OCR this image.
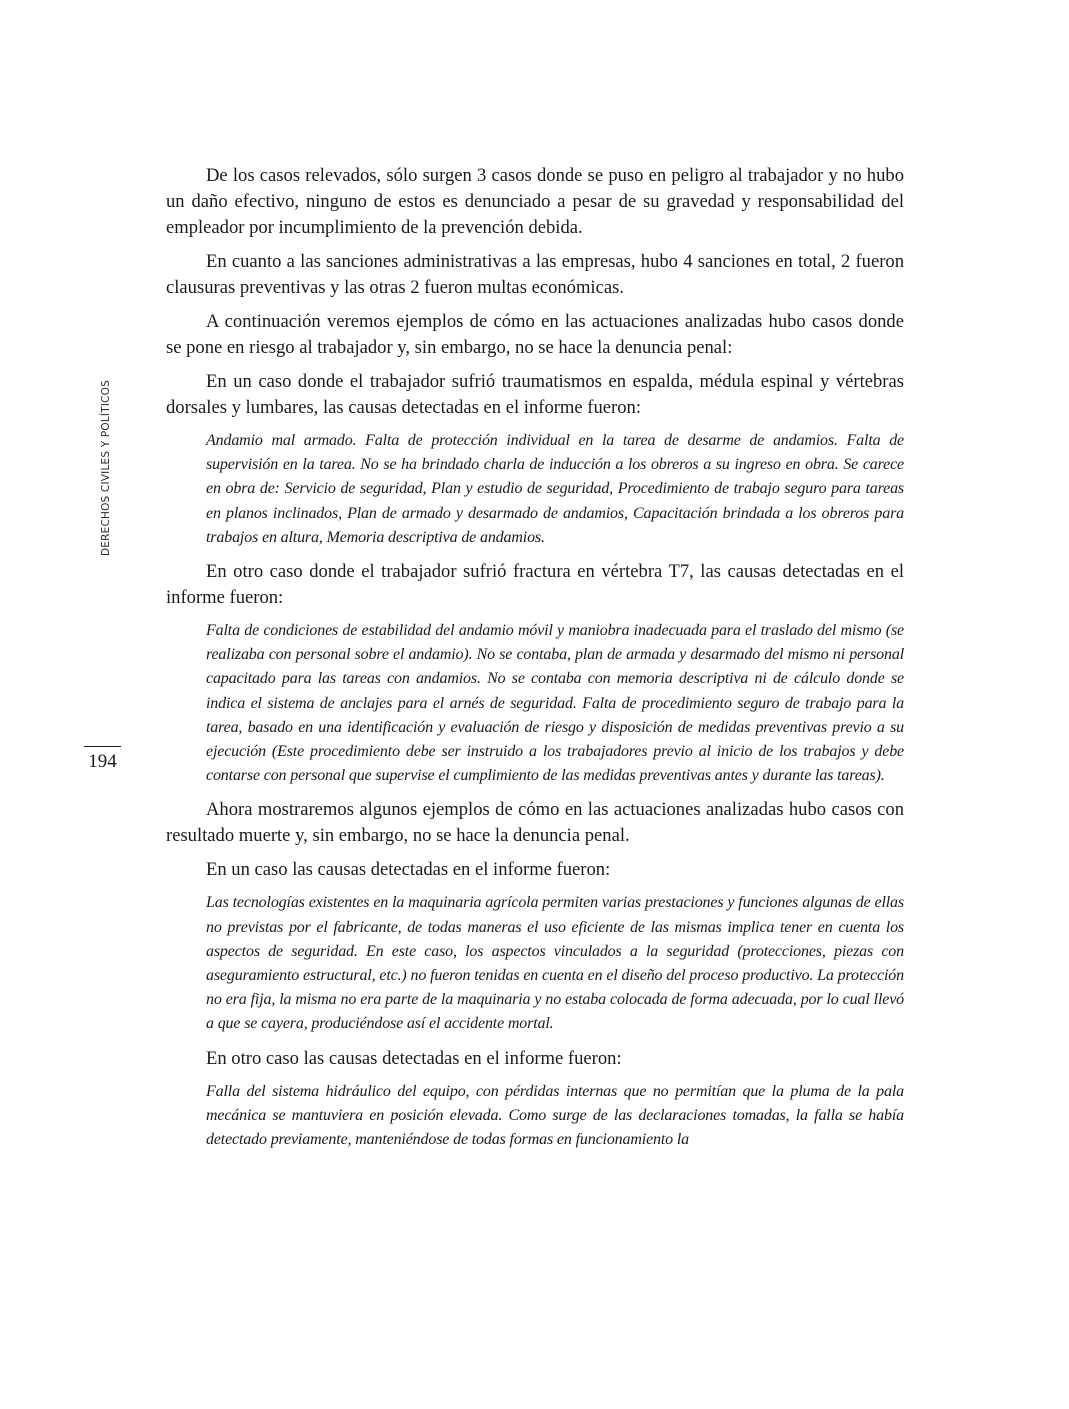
DERECHOS CIVILES Y POLÍTICOS
194

De los casos relevados, sólo surgen 3 casos donde se puso en peligro al trabajador y no hubo un daño efectivo, ninguno de estos es denunciado a pesar de su gravedad y responsabilidad del empleador por incumplimiento de la prevención debida.

En cuanto a las sanciones administrativas a las empresas, hubo 4 sanciones en total, 2 fueron clausuras preventivas y las otras 2 fueron multas económicas.

A continuación veremos ejemplos de cómo en las actuaciones analizadas hubo casos donde se pone en riesgo al trabajador y, sin embargo, no se hace la denuncia penal:

En un caso donde el trabajador sufrió traumatismos en espalda, médula espinal y vértebras dorsales y lumbares, las causas detectadas en el informe fueron:

Andamio mal armado. Falta de protección individual en la tarea de desarme de andamios. Falta de supervisión en la tarea. No se ha brindado charla de inducción a los obreros a su ingreso en obra. Se carece en obra de: Servicio de seguridad, Plan y estudio de seguridad, Procedimiento de trabajo seguro para tareas en planos inclinados, Plan de armado y desarmado de andamios, Capacitación brindada a los obreros para trabajos en altura, Memoria descriptiva de andamios.

En otro caso donde el trabajador sufrió fractura en vértebra T7, las causas detectadas en el informe fueron:

Falta de condiciones de estabilidad del andamio móvil y maniobra inadecuada para el traslado del mismo (se realizaba con personal sobre el andamio). No se contaba, plan de armada y desarmado del mismo ni personal capacitado para las tareas con andamios. No se contaba con memoria descriptiva ni de cálculo donde se indica el sistema de anclajes para el arnés de seguridad. Falta de procedimiento seguro de trabajo para la tarea, basado en una identificación y evaluación de riesgo y disposición de medidas preventivas previo a su ejecución (Este procedimiento debe ser instruido a los trabajadores previo al inicio de los trabajos y debe contarse con personal que supervise el cumplimiento de las medidas preventivas antes y durante las tareas).

Ahora mostraremos algunos ejemplos de cómo en las actuaciones analizadas hubo casos con resultado muerte y, sin embargo, no se hace la denuncia penal.

En un caso las causas detectadas en el informe fueron:

Las tecnologías existentes en la maquinaria agrícola permiten varias prestaciones y funciones algunas de ellas no previstas por el fabricante, de todas maneras el uso eficiente de las mismas implica tener en cuenta los aspectos de seguridad. En este caso, los aspectos vinculados a la seguridad (protecciones, piezas con aseguramiento estructural, etc.) no fueron tenidas en cuenta en el diseño del proceso productivo. La protección no era fija, la misma no era parte de la maquinaria y no estaba colocada de forma adecuada, por lo cual llevó a que se cayera, produciéndose así el accidente mortal.

En otro caso las causas detectadas en el informe fueron:

Falla del sistema hidráulico del equipo, con pérdidas internas que no permitían que la pluma de la pala mecánica se mantuviera en posición elevada. Como surge de las declaraciones tomadas, la falla se había detectado previamente, manteniéndose de todas formas en funcionamiento la
